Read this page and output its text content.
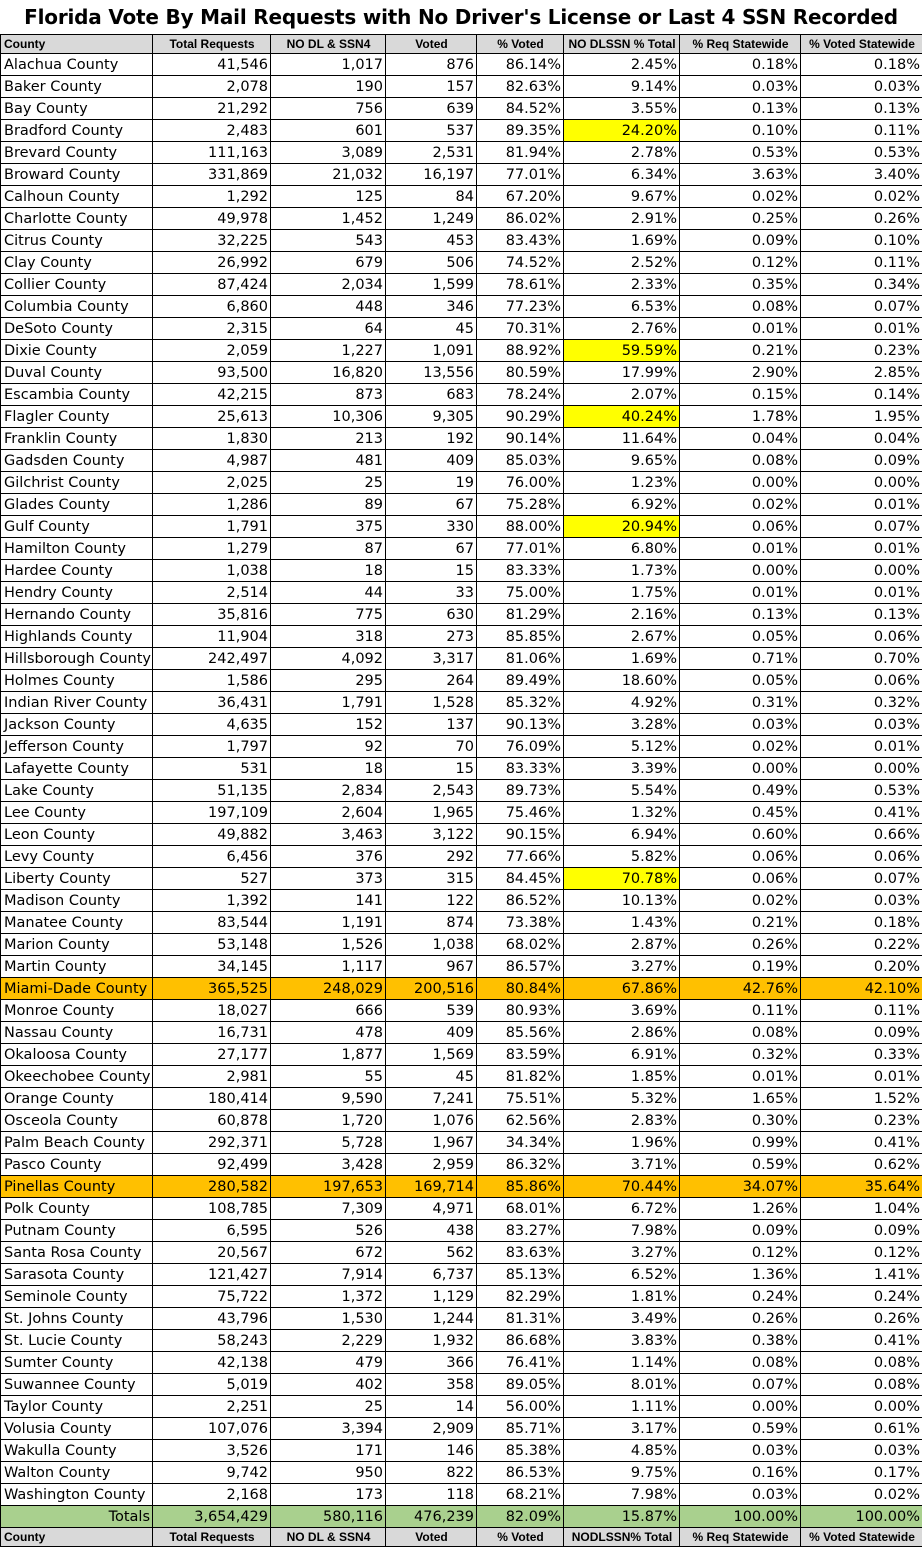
Florida Vote By Mail Requests with No Driver's License or Last 4 SSN Recorded
County	Total Requests	NO DL & SSN4	Voted	% Voted	NO DLSSN % Total	% Req Statewide	% Voted Statewide
Alachua County	41,546	1,017	876	86.14%	2.45%	0.18%	0.18%
Baker County	2,078	190	157	82.63%	9.14%	0.03%	0.03%
Bay County	21,292	756	639	84.52%	3.55%	0.13%	0.13%
Bradford County	2,483	601	537	89.35%	24.20%	0.10%	0.11%
Brevard County	111,163	3,089	2,531	81.94%	2.78%	0.53%	0.53%
Broward County	331,869	21,032	16,197	77.01%	6.34%	3.63%	3.40%
Calhoun County	1,292	125	84	67.20%	9.67%	0.02%	0.02%
Charlotte County	49,978	1,452	1,249	86.02%	2.91%	0.25%	0.26%
Citrus County	32,225	543	453	83.43%	1.69%	0.09%	0.10%
Clay County	26,992	679	506	74.52%	2.52%	0.12%	0.11%
Collier County	87,424	2,034	1,599	78.61%	2.33%	0.35%	0.34%
Columbia County	6,860	448	346	77.23%	6.53%	0.08%	0.07%
DeSoto County	2,315	64	45	70.31%	2.76%	0.01%	0.01%
Dixie County	2,059	1,227	1,091	88.92%	59.59%	0.21%	0.23%
Duval County	93,500	16,820	13,556	80.59%	17.99%	2.90%	2.85%
Escambia County	42,215	873	683	78.24%	2.07%	0.15%	0.14%
Flagler County	25,613	10,306	9,305	90.29%	40.24%	1.78%	1.95%
Franklin County	1,830	213	192	90.14%	11.64%	0.04%	0.04%
Gadsden County	4,987	481	409	85.03%	9.65%	0.08%	0.09%
Gilchrist County	2,025	25	19	76.00%	1.23%	0.00%	0.00%
Glades County	1,286	89	67	75.28%	6.92%	0.02%	0.01%
Gulf County	1,791	375	330	88.00%	20.94%	0.06%	0.07%
Hamilton County	1,279	87	67	77.01%	6.80%	0.01%	0.01%
Hardee County	1,038	18	15	83.33%	1.73%	0.00%	0.00%
Hendry County	2,514	44	33	75.00%	1.75%	0.01%	0.01%
Hernando County	35,816	775	630	81.29%	2.16%	0.13%	0.13%
Highlands County	11,904	318	273	85.85%	2.67%	0.05%	0.06%
Hillsborough County	242,497	4,092	3,317	81.06%	1.69%	0.71%	0.70%
Holmes County	1,586	295	264	89.49%	18.60%	0.05%	0.06%
Indian River County	36,431	1,791	1,528	85.32%	4.92%	0.31%	0.32%
Jackson County	4,635	152	137	90.13%	3.28%	0.03%	0.03%
Jefferson County	1,797	92	70	76.09%	5.12%	0.02%	0.01%
Lafayette County	531	18	15	83.33%	3.39%	0.00%	0.00%
Lake County	51,135	2,834	2,543	89.73%	5.54%	0.49%	0.53%
Lee County	197,109	2,604	1,965	75.46%	1.32%	0.45%	0.41%
Leon County	49,882	3,463	3,122	90.15%	6.94%	0.60%	0.66%
Levy County	6,456	376	292	77.66%	5.82%	0.06%	0.06%
Liberty County	527	373	315	84.45%	70.78%	0.06%	0.07%
Madison County	1,392	141	122	86.52%	10.13%	0.02%	0.03%
Manatee County	83,544	1,191	874	73.38%	1.43%	0.21%	0.18%
Marion County	53,148	1,526	1,038	68.02%	2.87%	0.26%	0.22%
Martin County	34,145	1,117	967	86.57%	3.27%	0.19%	0.20%
Miami-Dade County	365,525	248,029	200,516	80.84%	67.86%	42.76%	42.10%
Monroe County	18,027	666	539	80.93%	3.69%	0.11%	0.11%
Nassau County	16,731	478	409	85.56%	2.86%	0.08%	0.09%
Okaloosa County	27,177	1,877	1,569	83.59%	6.91%	0.32%	0.33%
Okeechobee County	2,981	55	45	81.82%	1.85%	0.01%	0.01%
Orange County	180,414	9,590	7,241	75.51%	5.32%	1.65%	1.52%
Osceola County	60,878	1,720	1,076	62.56%	2.83%	0.30%	0.23%
Palm Beach County	292,371	5,728	1,967	34.34%	1.96%	0.99%	0.41%
Pasco County	92,499	3,428	2,959	86.32%	3.71%	0.59%	0.62%
Pinellas County	280,582	197,653	169,714	85.86%	70.44%	34.07%	35.64%
Polk County	108,785	7,309	4,971	68.01%	6.72%	1.26%	1.04%
Putnam County	6,595	526	438	83.27%	7.98%	0.09%	0.09%
Santa Rosa County	20,567	672	562	83.63%	3.27%	0.12%	0.12%
Sarasota County	121,427	7,914	6,737	85.13%	6.52%	1.36%	1.41%
Seminole County	75,722	1,372	1,129	82.29%	1.81%	0.24%	0.24%
St. Johns County	43,796	1,530	1,244	81.31%	3.49%	0.26%	0.26%
St. Lucie County	58,243	2,229	1,932	86.68%	3.83%	0.38%	0.41%
Sumter County	42,138	479	366	76.41%	1.14%	0.08%	0.08%
Suwannee County	5,019	402	358	89.05%	8.01%	0.07%	0.08%
Taylor County	2,251	25	14	56.00%	1.11%	0.00%	0.00%
Volusia County	107,076	3,394	2,909	85.71%	3.17%	0.59%	0.61%
Wakulla County	3,526	171	146	85.38%	4.85%	0.03%	0.03%
Walton County	9,742	950	822	86.53%	9.75%	0.16%	0.17%
Washington County	2,168	173	118	68.21%	7.98%	0.03%	0.02%
Totals	3,654,429	580,116	476,239	82.09%	15.87%	100.00%	100.00%
County	Total Requests	NO DL & SSN4	Voted	% Voted	NODLSSN% Total	% Req Statewide	% Voted Statewide
